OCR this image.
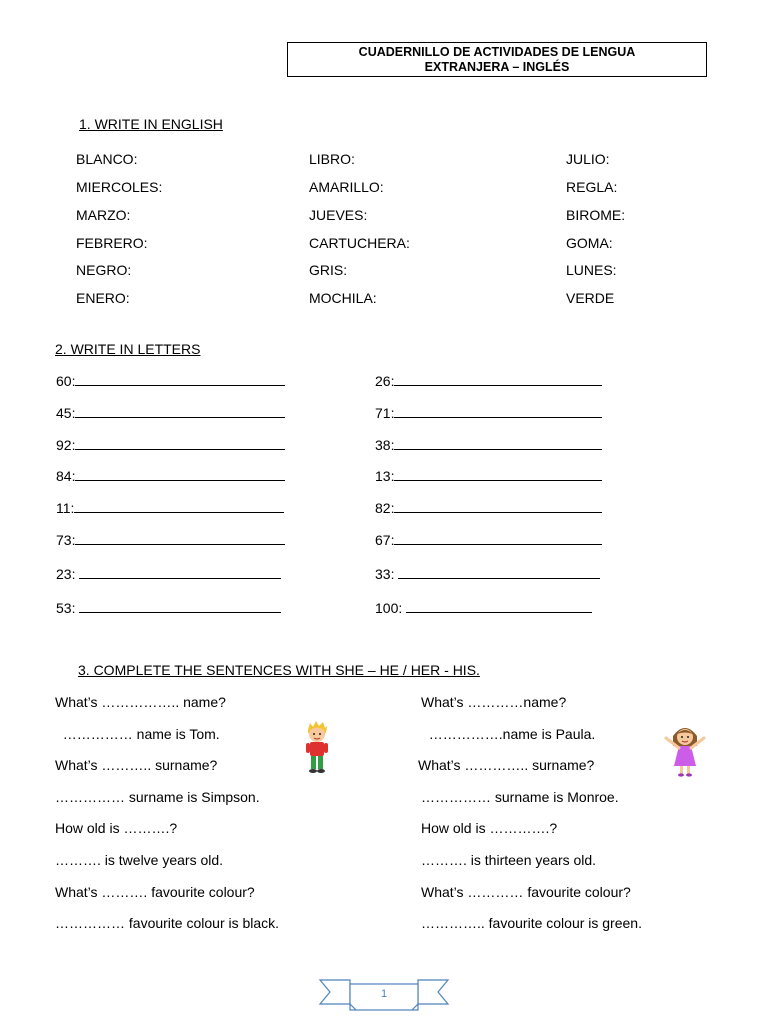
CUADERNILLO DE ACTIVIDADES DE LENGUA
EXTRANJERA – INGLÉS
1. WRITE IN ENGLISH
BLANCO:
MIERCOLES:
MARZO:
FEBRERO:
NEGRO:
ENERO:
LIBRO:
AMARILLO:
JUEVES:
CARTUCHERA:
GRIS:
MOCHILA:
JULIO:
REGLA:
BIROME:
GOMA:
LUNES:
VERDE
2. WRITE IN LETTERS
60:
45:
92:
84:
11:
73:
23:
53:
26:
71:
38:
13:
82:
67:
33:
100:
3. COMPLETE THE SENTENCES WITH SHE – HE / HER - HIS.
What’s …………….. name?
…………… name is Tom.
What’s ……….. surname?
…………… surname is Simpson.
How old is ……….?
………. is twelve years old.
What’s ………. favourite colour?
…………… favourite colour is black.
What’s …………name?
…………….name is Paula.
What’s ………….. surname?
…………… surname is Monroe.
How old is ………….?
………. is thirteen years old.
What’s ………… favourite colour?
………….. favourite colour is green.
1
